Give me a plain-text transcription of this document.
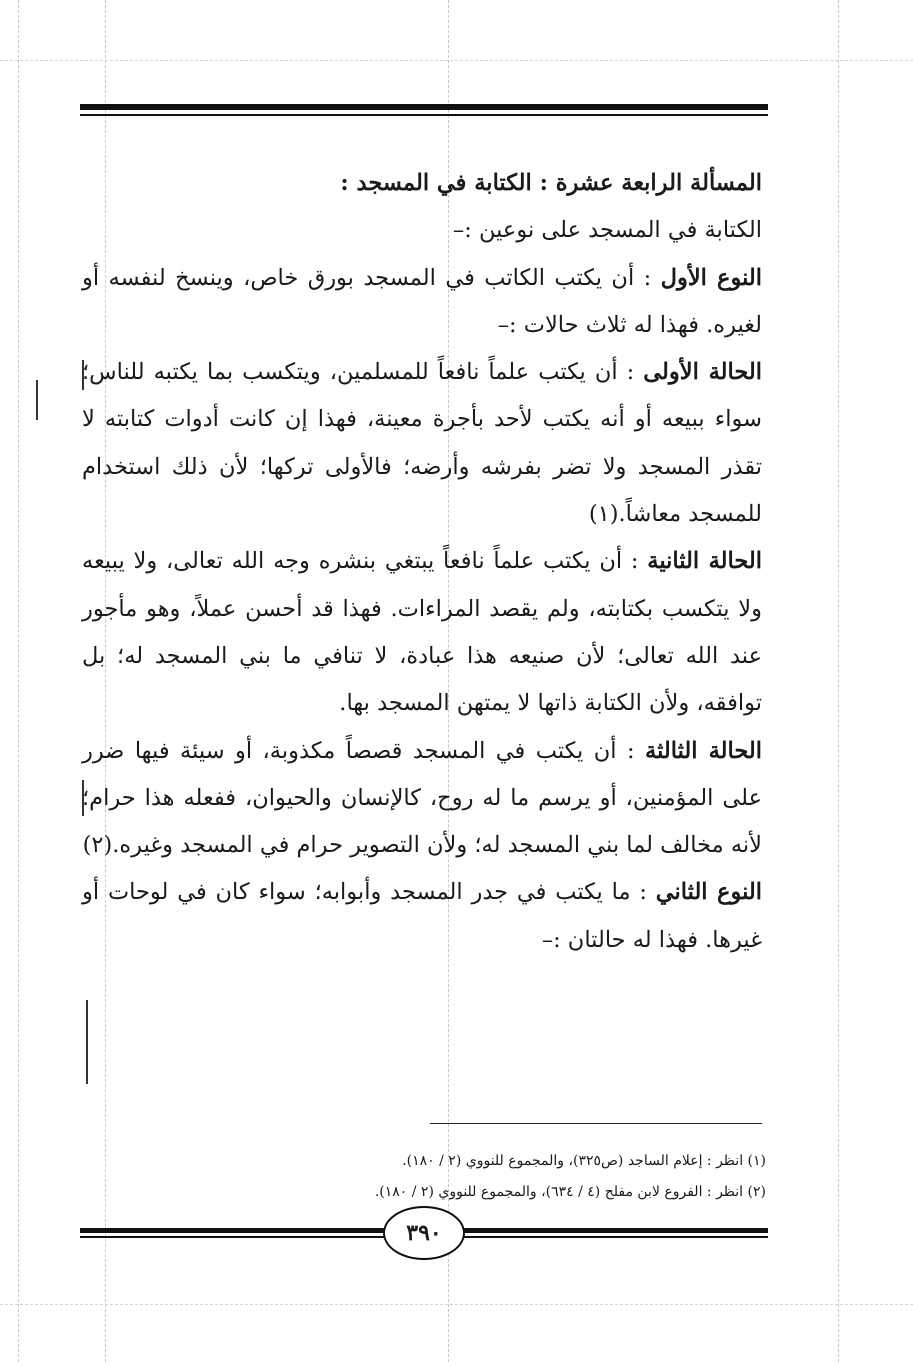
المسألة الرابعة عشرة : الكتابة في المسجد :

الكتابة في المسجد على نوعين :–

النوع الأول : أن يكتب الكاتب في المسجد بورق خاص، وينسخ لنفسه أو لغيره. فهذا له ثلاث حالات :–

الحالة الأولى : أن يكتب علماً نافعاً للمسلمين، ويتكسب بما يكتبه للناس؛ سواء ببيعه أو أنه يكتب لأحد بأجرة معينة، فهذا إن كانت أدوات كتابته لا تقذر المسجد ولا تضر بفرشه وأرضه؛ فالأولى تركها؛ لأن ذلك استخدام للمسجد معاشاً.(١)

الحالة الثانية : أن يكتب علماً نافعاً يبتغي بنشره وجه الله تعالى، ولا يبيعه ولا يتكسب بكتابته، ولم يقصد المراءات. فهذا قد أحسن عملاً، وهو مأجور عند الله تعالى؛ لأن صنيعه هذا عبادة، لا تنافي ما بني المسجد له؛ بل توافقه، ولأن الكتابة ذاتها لا يمتهن المسجد بها.

الحالة الثالثة : أن يكتب في المسجد قصصاً مكذوبة، أو سيئة فيها ضرر على المؤمنين، أو يرسم ما له روح، كالإنسان والحيوان، ففعله هذا حرام؛ لأنه مخالف لما بني المسجد له؛ ولأن التصوير حرام في المسجد وغيره.(٢)

النوع الثاني : ما يكتب في جدر المسجد وأبوابه؛ سواء كان في لوحات أو غيرها. فهذا له حالتان :–

(١) انظر : إعلام الساجد (ص٣٢٥)، والمجموع للنووي (٢ / ١٨٠).

(٢) انظر : الفروع لابن مفلح (٤ / ٦٣٤)، والمجموع للنووي (٢ / ١٨٠).

٣٩٠
